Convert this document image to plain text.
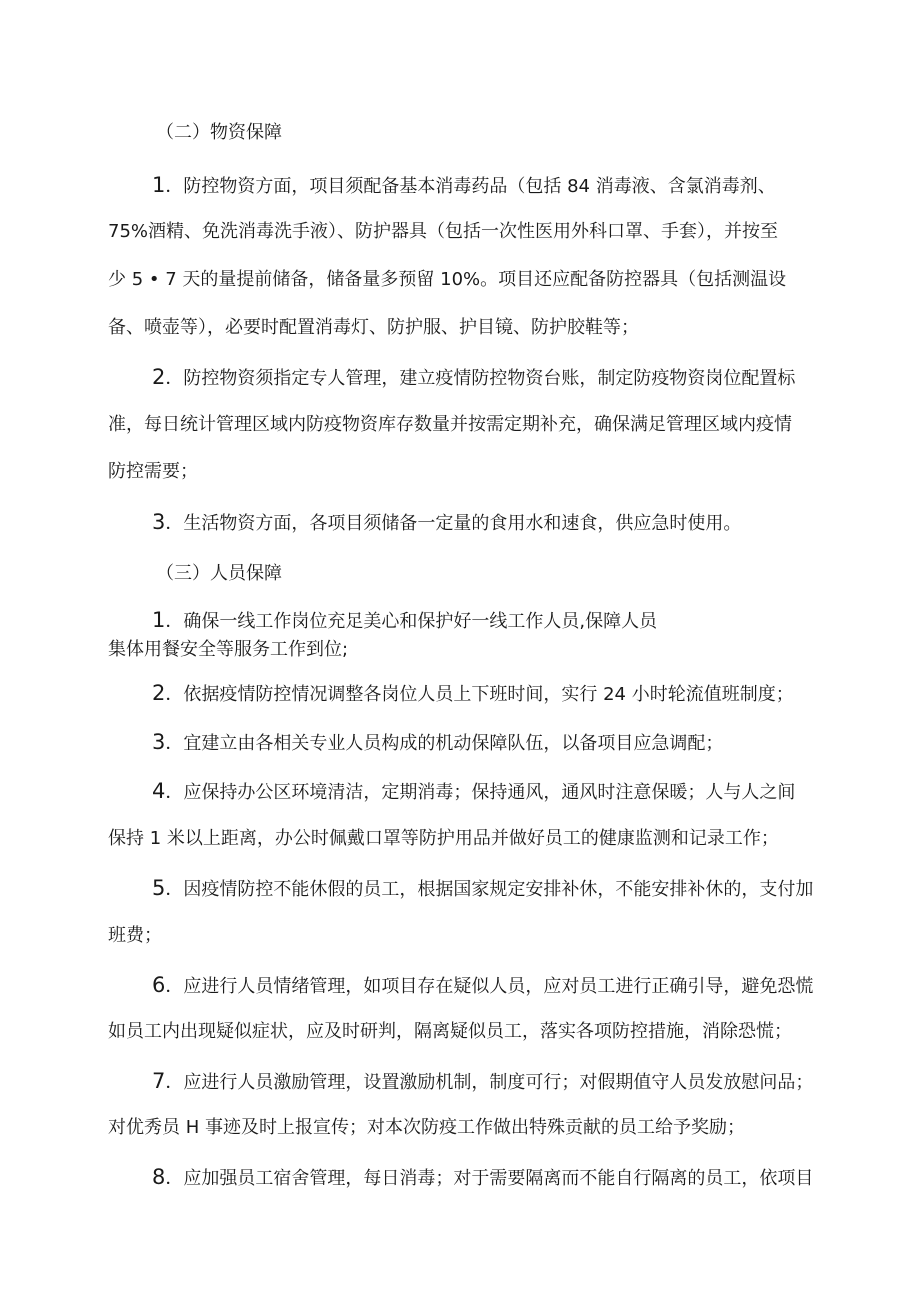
（二）物资保障
1．防控物资方面，项目须配备基本消毒药品（包括 84 消毒液、含氯消毒剂、
75%酒精、免洗消毒洗手液）、防护器具（包括一次性医用外科口罩、手套），并按至
少 5 • 7 天的量提前储备，储备量多预留 10%。项目还应配备防控器具（包括测温设
备、喷壶等），必要时配置消毒灯、防护服、护目镜、防护胶鞋等；
2．防控物资须指定专人管理，建立疫情防控物资台账，制定防疫物资岗位配置标
准，每日统计管理区域内防疫物资库存数量并按需定期补充，确保满足管理区域内疫情
防控需要；
3．生活物资方面，各项目须储备一定量的食用水和速食，供应急时使用。
（三）人员保障
1．确保一线工作岗位充足美心和保护好一线工作人员,保障人员
集体用餐安全等服务工作到位;
2．依据疫情防控情况调整各岗位人员上下班时间，实行 24 小时轮流值班制度；
3．宜建立由各相关专业人员构成的机动保障队伍，以备项目应急调配；
4．应保持办公区环境清洁，定期消毒；保持通风，通风时注意保暖；人与人之间
保持 1 米以上距离，办公时佩戴口罩等防护用品并做好员工的健康监测和记录工作；
5．因疫情防控不能休假的员工，根据国家规定安排补休，不能安排补休的，支付加
班费；
6．应进行人员情绪管理，如项目存在疑似人员，应对员工进行正确引导，避免恐慌
如员工内出现疑似症状，应及时研判，隔离疑似员工，落实各项防控措施，消除恐慌；
7．应进行人员激励管理，设置激励机制，制度可行；对假期值守人员发放慰问品；
对优秀员 H 事迹及时上报宣传；对本次防疫工作做出特殊贡献的员工给予奖励；
8．应加强员工宿舍管理，每日消毒；对于需要隔离而不能自行隔离的员工，依项目
